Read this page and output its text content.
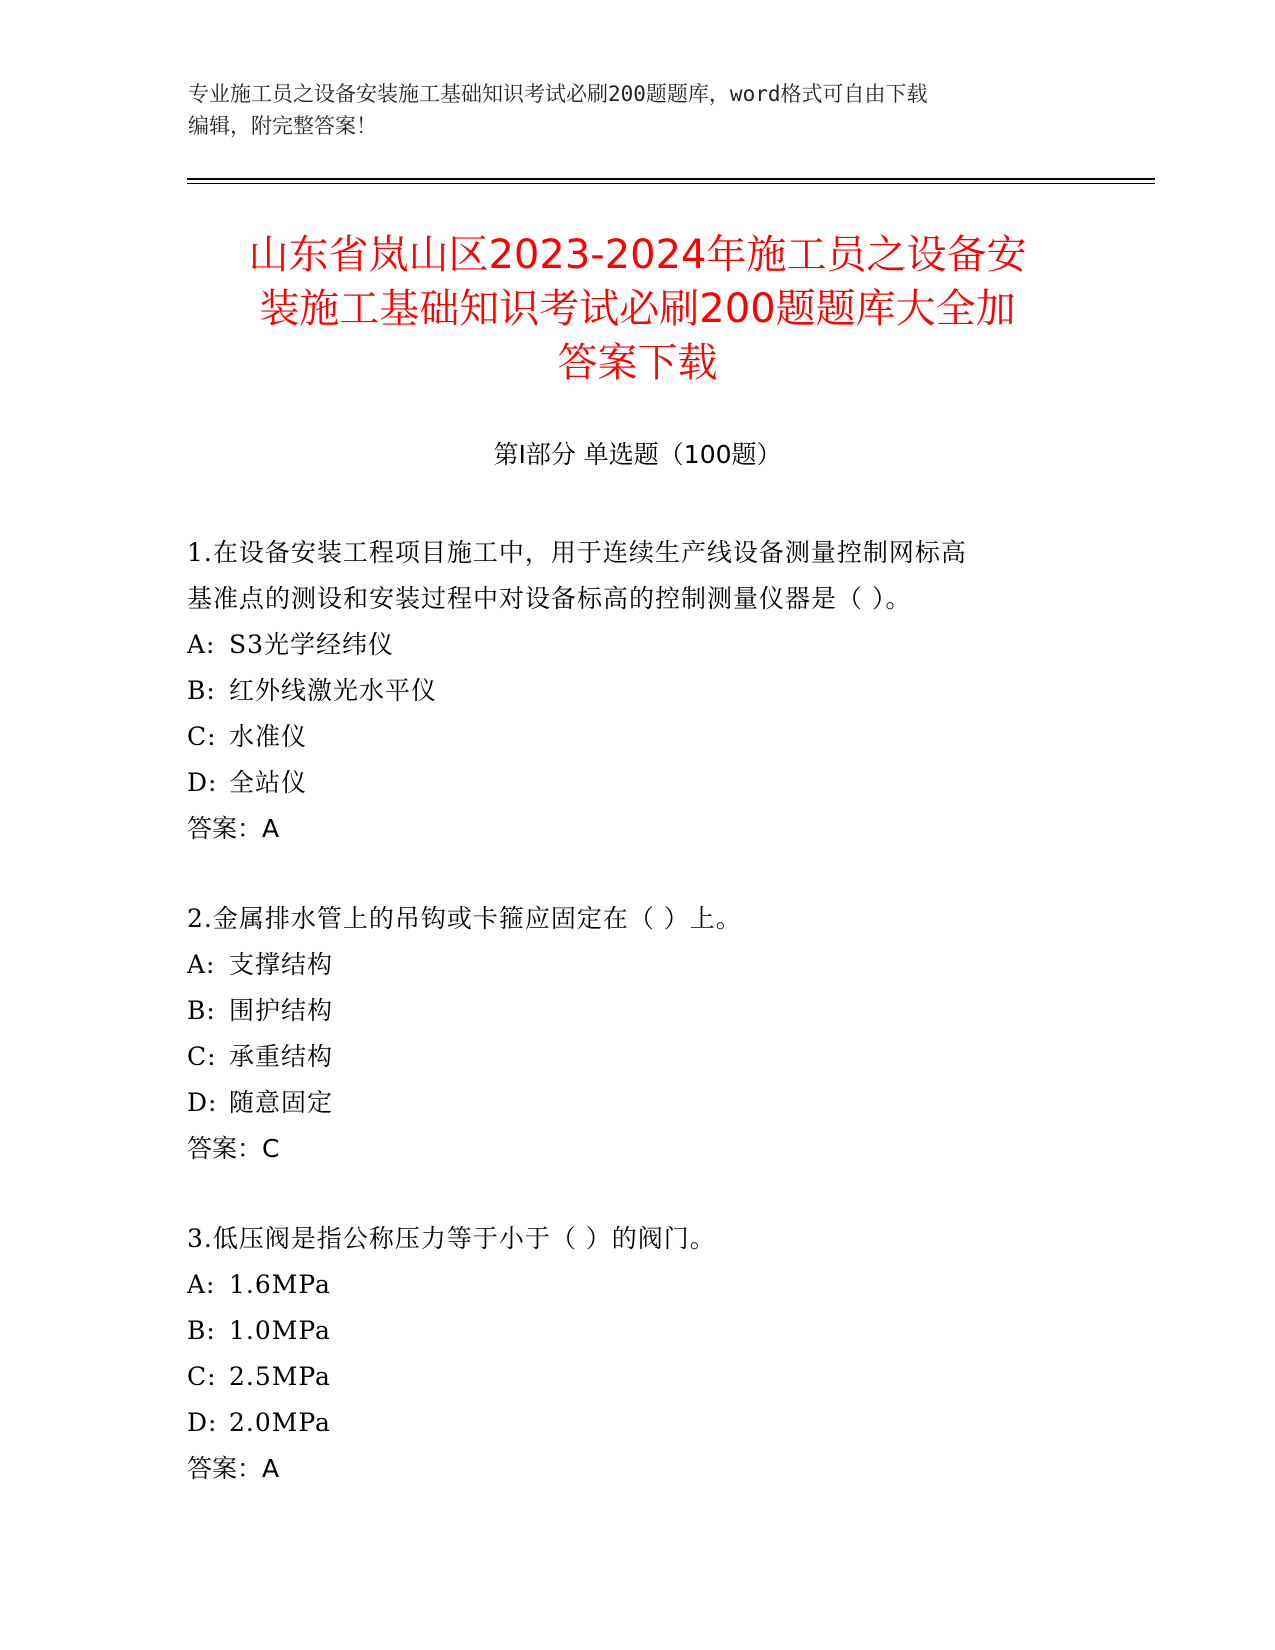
专业施工员之设备安装施工基础知识考试必刷200题题库，word格式可自由下载
编辑，附完整答案！
山东省岚山区2023-2024年施工员之设备安
装施工基础知识考试必刷200题题库大全加
答案下载
第I部分 单选题（100题）

1.在设备安装工程项目施工中，用于连续生产线设备测量控制网标高

基准点的测设和安装过程中对设备标高的控制测量仪器是（ ）。

A: S3光学经纬仪

B: 红外线激光水平仪

C: 水准仪

D: 全站仪

答案：A

2.金属排水管上的吊钩或卡箍应固定在（ ）上。

A: 支撑结构

B: 围护结构

C: 承重结构

D: 随意固定

答案：C

3.低压阀是指公称压力等于小于（ ）的阀门。

A: 1.6MPa

B: 1.0MPa

C: 2.5MPa

D: 2.0MPa

答案：A
